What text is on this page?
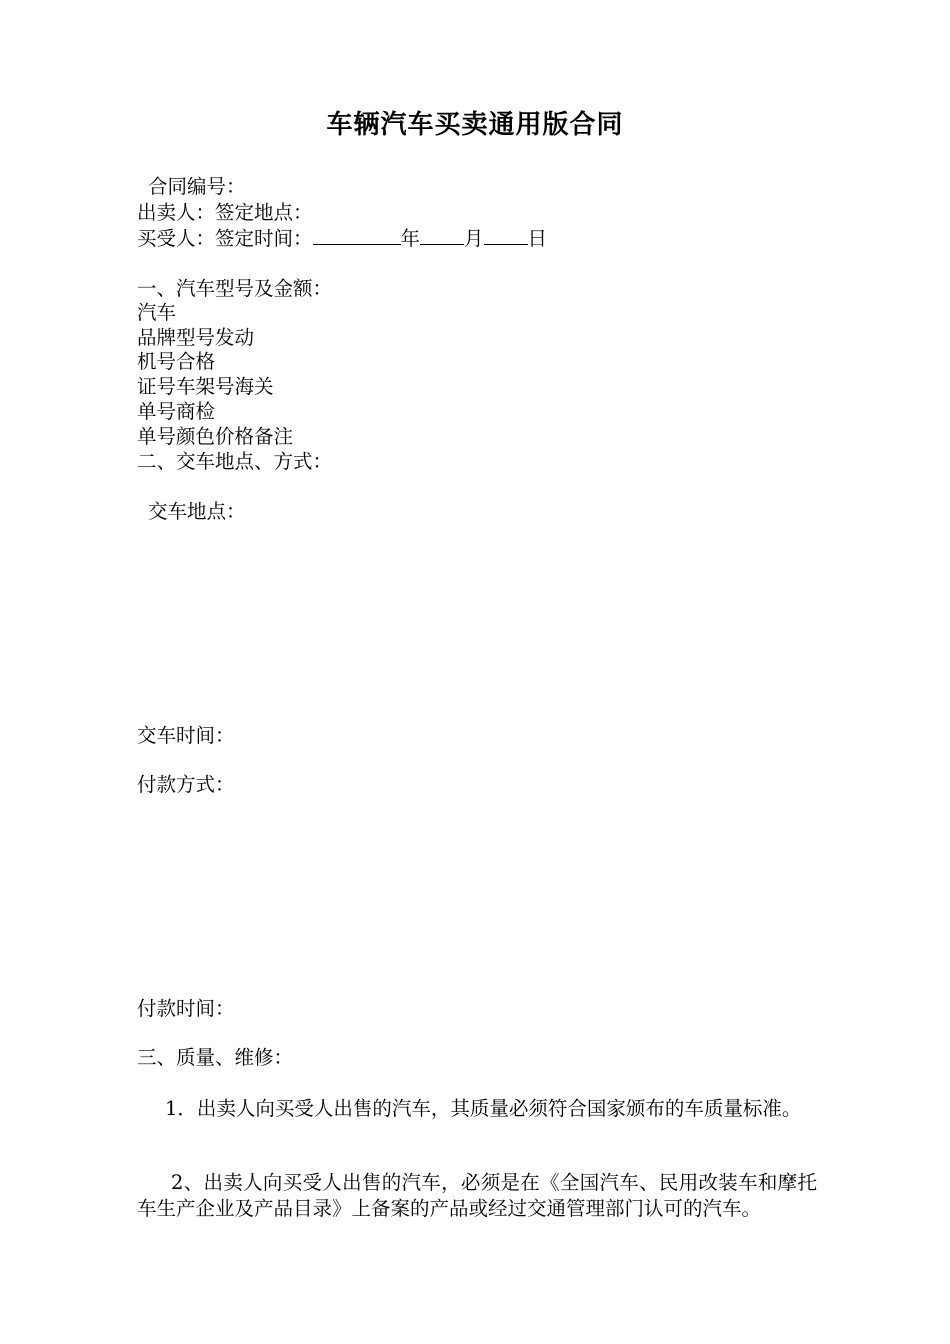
车辆汽车买卖通用版合同
合同编号：
出卖人：签定地点：
买受人：签定时间：	年 月 日
一、汽车型号及金额：
汽车
品牌型号发动
机号合格
证号车架号海关
单号商检
单号颜色价格备注
二、交车地点、方式：
交车地点：
交车时间：
付款方式：
付款时间：
三、质量、维修：
1．出卖人向买受人出售的汽车，其质量必须符合国家颁布的车质量标准。
2、出卖人向买受人出售的汽车，必须是在《全国汽车、民用改装车和摩托车生产企业及产品目录》上备案的产品或经过交通管理部门认可的汽车。
